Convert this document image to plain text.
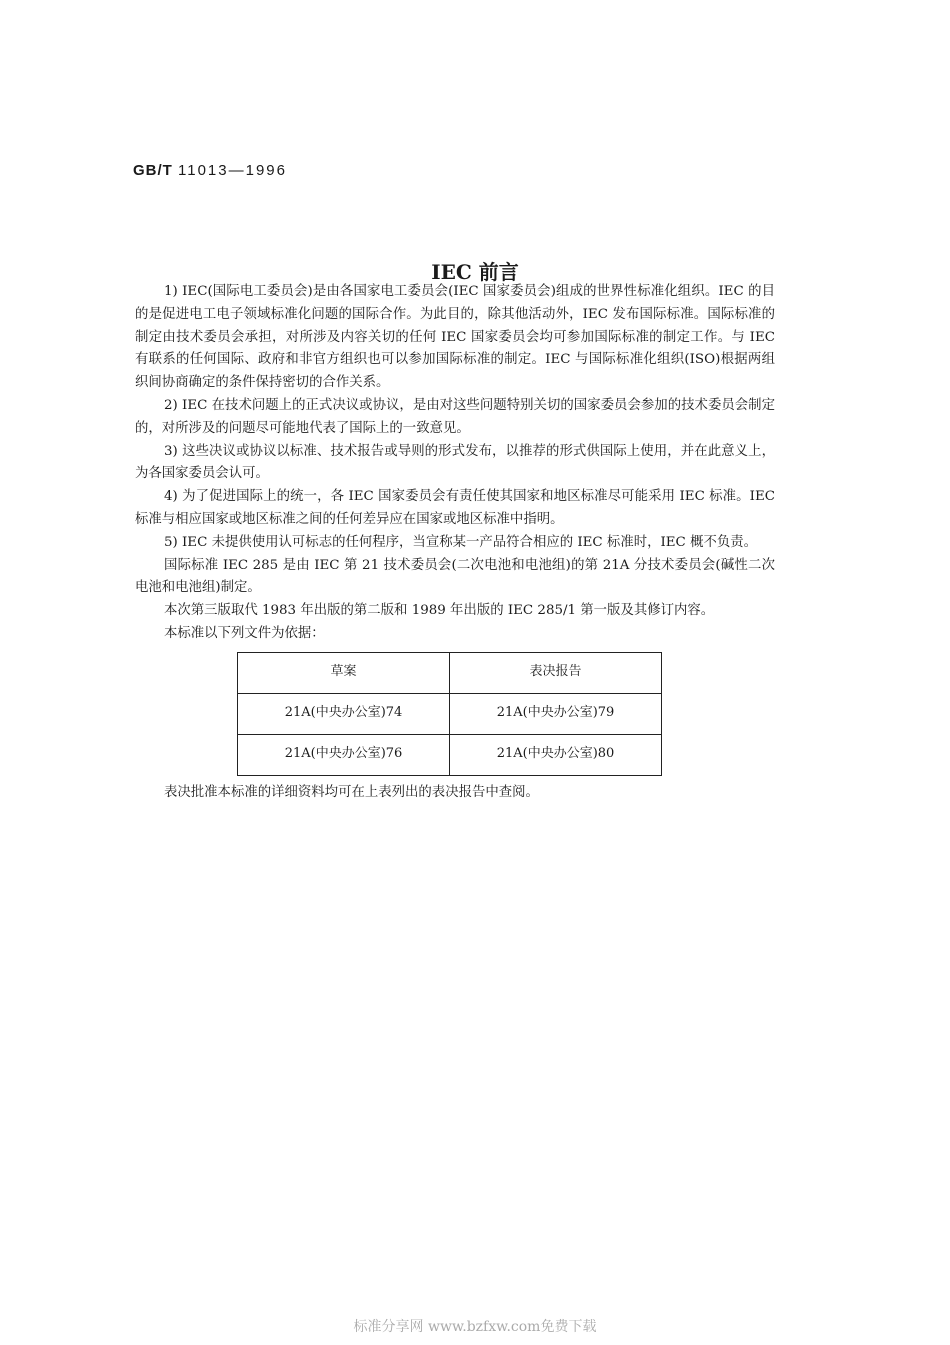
GB/T 11013—1996
IEC 前言

1) IEC(国际电工委员会)是由各国家电工委员会(IEC 国家委员会)组成的世界性标准化组织。IEC 的目的是促进电工电子领域标准化问题的国际合作。为此目的，除其他活动外，IEC 发布国际标准。国际标准的制定由技术委员会承担，对所涉及内容关切的任何 IEC 国家委员会均可参加国际标准的制定工作。与 IEC 有联系的任何国际、政府和非官方组织也可以参加国际标准的制定。IEC 与国际标准化组织(ISO)根据两组织间协商确定的条件保持密切的合作关系。

2) IEC 在技术问题上的正式决议或协议，是由对这些问题特别关切的国家委员会参加的技术委员会制定的，对所涉及的问题尽可能地代表了国际上的一致意见。

3) 这些决议或协议以标准、技术报告或导则的形式发布，以推荐的形式供国际上使用，并在此意义上，为各国家委员会认可。

4) 为了促进国际上的统一，各 IEC 国家委员会有责任使其国家和地区标准尽可能采用 IEC 标准。IEC 标准与相应国家或地区标准之间的任何差异应在国家或地区标准中指明。

5) IEC 未提供使用认可标志的任何程序，当宣称某一产品符合相应的 IEC 标准时，IEC 概不负责。

国际标准 IEC 285 是由 IEC 第 21 技术委员会(二次电池和电池组)的第 21A 分技术委员会(碱性二次电池和电池组)制定。

本次第三版取代 1983 年出版的第二版和 1989 年出版的 IEC 285/1 第一版及其修订内容。

本标准以下列文件为依据：

草案	表决报告
21A(中央办公室)74	21A(中央办公室)79
21A(中央办公室)76	21A(中央办公室)80

表决批准本标准的详细资料均可在上表列出的表决报告中查阅。

标准分享网 www.bzfxw.com免费下载
